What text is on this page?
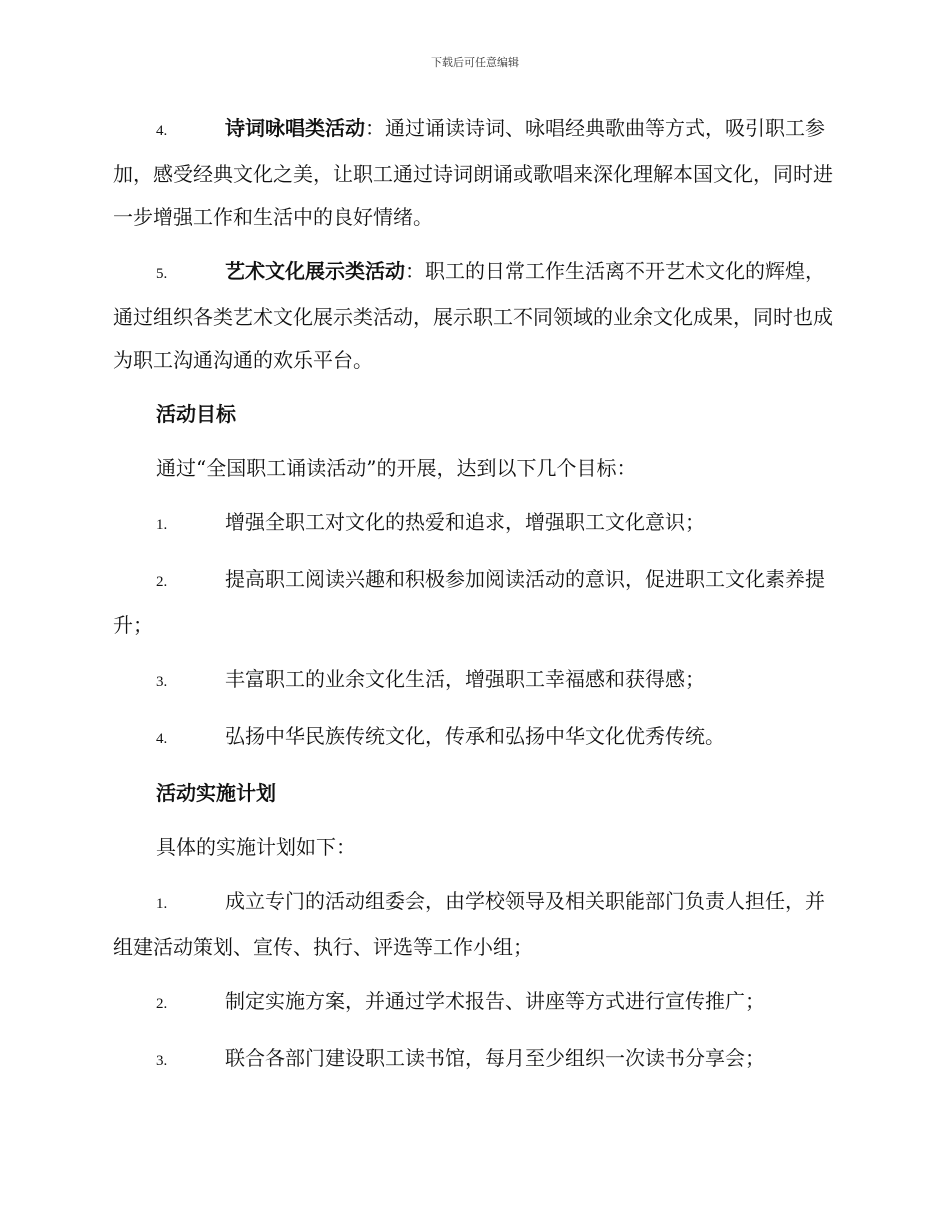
下载后可任意编辑

4.	诗词咏唱类活动：通过诵读诗词、咏唱经典歌曲等方式，吸引职工参加，感受经典文化之美，让职工通过诗词朗诵或歌唱来深化理解本国文化，同时进一步增强工作和生活中的良好情绪。

5.	艺术文化展示类活动：职工的日常工作生活离不开艺术文化的辉煌，通过组织各类艺术文化展示类活动，展示职工不同领域的业余文化成果，同时也成为职工沟通沟通的欢乐平台。

活动目标
通过“全国职工诵读活动”的开展，达到以下几个目标：

1.	增强全职工对文化的热爱和追求，增强职工文化意识；

2.	提高职工阅读兴趣和积极参加阅读活动的意识，促进职工文化素养提升；

3.	丰富职工的业余文化生活，增强职工幸福感和获得感；

4.	弘扬中华民族传统文化，传承和弘扬中华文化优秀传统。

活动实施计划
具体的实施计划如下：

1.	成立专门的活动组委会，由学校领导及相关职能部门负责人担任，并组建活动策划、宣传、执行、评选等工作小组；

2.	制定实施方案，并通过学术报告、讲座等方式进行宣传推广；

3.	联合各部门建设职工读书馆，每月至少组织一次读书分享会；
